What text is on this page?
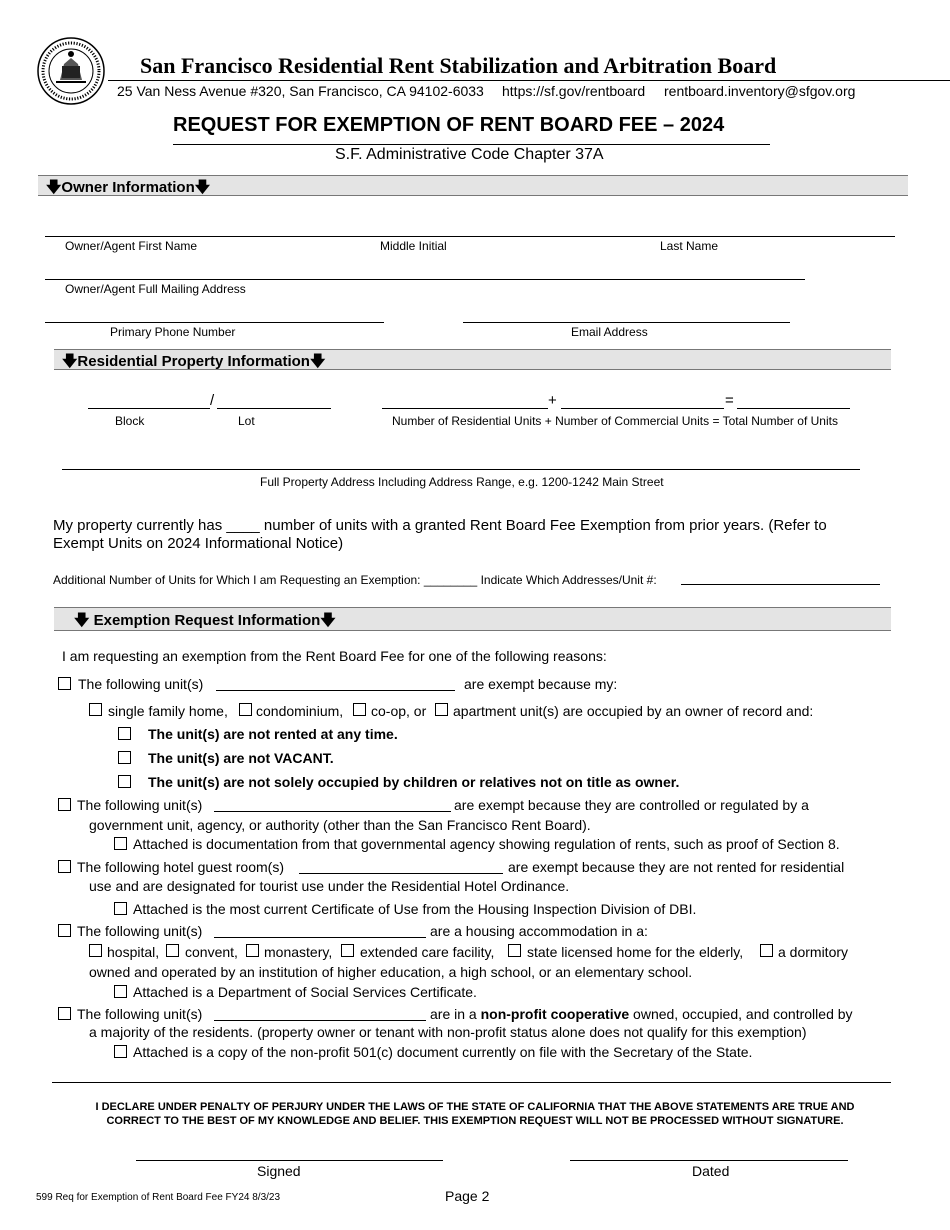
San Francisco Residential Rent Stabilization and Arbitration Board
25 Van Ness Avenue #320, San Francisco, CA 94102-6033 https://sf.gov/rentboard rentboard.inventory@sfgov.org
REQUEST FOR EXEMPTION OF RENT BOARD FEE – 2024
S.F. Administrative Code Chapter 37A
🡇Owner Information🡇
Owner/Agent First Name	Middle Initial	Last Name
Owner/Agent Full Mailing Address
Primary Phone Number	Email Address
🡇Residential Property Information🡇
/	+	=
Block	Lot	Number of Residential Units + Number of Commercial Units = Total Number of Units
Full Property Address Including Address Range, e.g. 1200-1242 Main Street
My property currently has ____ number of units with a granted Rent Board Fee Exemption from prior years. (Refer to
Exempt Units on 2024 Informational Notice)
Additional Number of Units for Which I am Requesting an Exemption: ________ Indicate Which Addresses/Unit #:
🡇 Exemption Request Information🡇
I am requesting an exemption from the Rent Board Fee for one of the following reasons:
The following unit(s)	are exempt because my:
single family home, condominium, co-op, or apartment unit(s) are occupied by an owner of record and:
The unit(s) are not rented at any time.
The unit(s) are not VACANT.
The unit(s) are not solely occupied by children or relatives not on title as owner.
The following unit(s)	are exempt because they are controlled or regulated by a
government unit, agency, or authority (other than the San Francisco Rent Board).
Attached is documentation from that governmental agency showing regulation of rents, such as proof of Section 8.
The following hotel guest room(s)	are exempt because they are not rented for residential
use and are designated for tourist use under the Residential Hotel Ordinance.
Attached is the most current Certificate of Use from the Housing Inspection Division of DBI.
The following unit(s)	are a housing accommodation in a:
hospital, convent, monastery, extended care facility, state licensed home for the elderly, a dormitory
owned and operated by an institution of higher education, a high school, or an elementary school.
Attached is a Department of Social Services Certificate.
The following unit(s)	are in a non-profit cooperative owned, occupied, and controlled by
a majority of the residents. (property owner or tenant with non-profit status alone does not qualify for this exemption)
Attached is a copy of the non-profit 501(c) document currently on file with the Secretary of the State.
I DECLARE UNDER PENALTY OF PERJURY UNDER THE LAWS OF THE STATE OF CALIFORNIA THAT THE ABOVE STATEMENTS ARE TRUE AND
CORRECT TO THE BEST OF MY KNOWLEDGE AND BELIEF. THIS EXEMPTION REQUEST WILL NOT BE PROCESSED WITHOUT SIGNATURE.
Signed	Dated
599 Req for Exemption of Rent Board Fee FY24 8/3/23	Page 2
